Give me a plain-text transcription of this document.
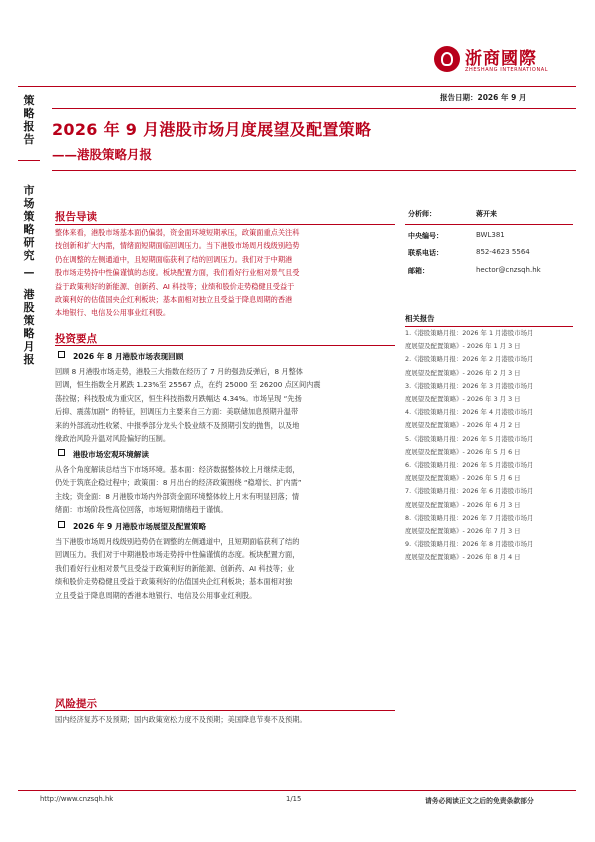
浙商國際
ZHESHANG INTERNATIONAL
报告日期：2026 年 9 月
策略报告
市场策略研究
—
港股策略月报
2026 年 9 月港股市场月度展望及配置策略
——港股策略月报
报告导读
整体来看，港股市场基本面仍偏弱，资金面环境短期承压，政策面重点关注科
技创新和扩大内需，情绪面短期面临回调压力。当下港股市场周月线级别趋势
仍在调整的左侧通道中，且短期面临获利了结的回调压力。我们对于中期港
股市场走势持中性偏谨慎的态度。板块配置方面，我们看好行业相对景气且受
益于政策利好的新能源、创新药、AI 科技等；业绩和股价走势稳健且受益于
政策利好的估值国央企红利板块；基本面相对独立且受益于降息周期的香港
本地银行、电信及公用事业红利股。
投资要点
2026 年 8 月港股市场表现回顾
回顾 8 月港股市场走势，港股三大指数在经历了 7 月的强劲反弹后，8 月整体
回调，恒生指数全月累跌 1.23%至 25567 点，在约 25000 至 26200 点区间内震
荡拉锯；科技股成为重灾区，恒生科技指数月跌幅达 4.34%。市场呈现 “先扬
后抑、震荡加剧” 的特征，回调压力主要来自三方面：美联储加息预期升温带
来的外部流动性收紧、中报季部分龙头个股业绩不及预期引发的抛售，以及地
缘政治风险升温对风险偏好的压制。
港股市场宏观环境解读
从各个角度解读总结当下市场环境。基本面：经济数据整体较上月继续走弱，
仍处于筑底企稳过程中；政策面：8 月出台的经济政策围绕 “稳增长、扩内需”
主线；资金面：8 月港股市场内外部资金面环境整体较上月末有明显回落；情
绪面：市场阶段性高位回落，市场短期情绪趋于谨慎。
2026 年 9 月港股市场展望及配置策略
当下港股市场周月线级别趋势仍在调整的左侧通道中，且短期面临获利了结的
回调压力。我们对于中期港股市场走势持中性偏谨慎的态度。板块配置方面，
我们看好行业相对景气且受益于政策利好的新能源、创新药、AI 科技等；业
绩和股价走势稳健且受益于政策利好的估值国央企红利板块；基本面相对独
立且受益于降息周期的香港本地银行、电信及公用事业红利股。
风险提示
国内经济复苏不及预期；国内政策宽松力度不及预期；美国降息节奏不及预期。
分析师：	蒋开来
中央编号：	BWL381
联系电话：	852-4623 5564
邮箱：	hector@cnzsqh.hk
相关报告
1.《港股策略月报：2026 年 1 月港股市场月
度展望及配置策略》- 2026 年 1 月 3 日
2.《港股策略月报：2026 年 2 月港股市场月
度展望及配置策略》- 2026 年 2 月 3 日
3.《港股策略月报：2026 年 3 月港股市场月
度展望及配置策略》- 2026 年 3 月 3 日
4.《港股策略月报：2026 年 4 月港股市场月
度展望及配置策略》- 2026 年 4 月 2 日
5.《港股策略月报：2026 年 5 月港股市场月
度展望及配置策略》- 2026 年 5 月 6 日
6.《港股策略月报：2026 年 5 月港股市场月
度展望及配置策略》- 2026 年 5 月 6 日
7.《港股策略月报：2026 年 6 月港股市场月
度展望及配置策略》- 2026 年 6 月 3 日
8.《港股策略月报：2026 年 7 月港股市场月
度展望及配置策略》- 2026 年 7 月 3 日
9.《港股策略月报：2026 年 8 月港股市场月
度展望及配置策略》- 2026 年 8 月 4 日
http://www.cnzsqh.hk	1/15	请务必阅读正文之后的免责条款部分
